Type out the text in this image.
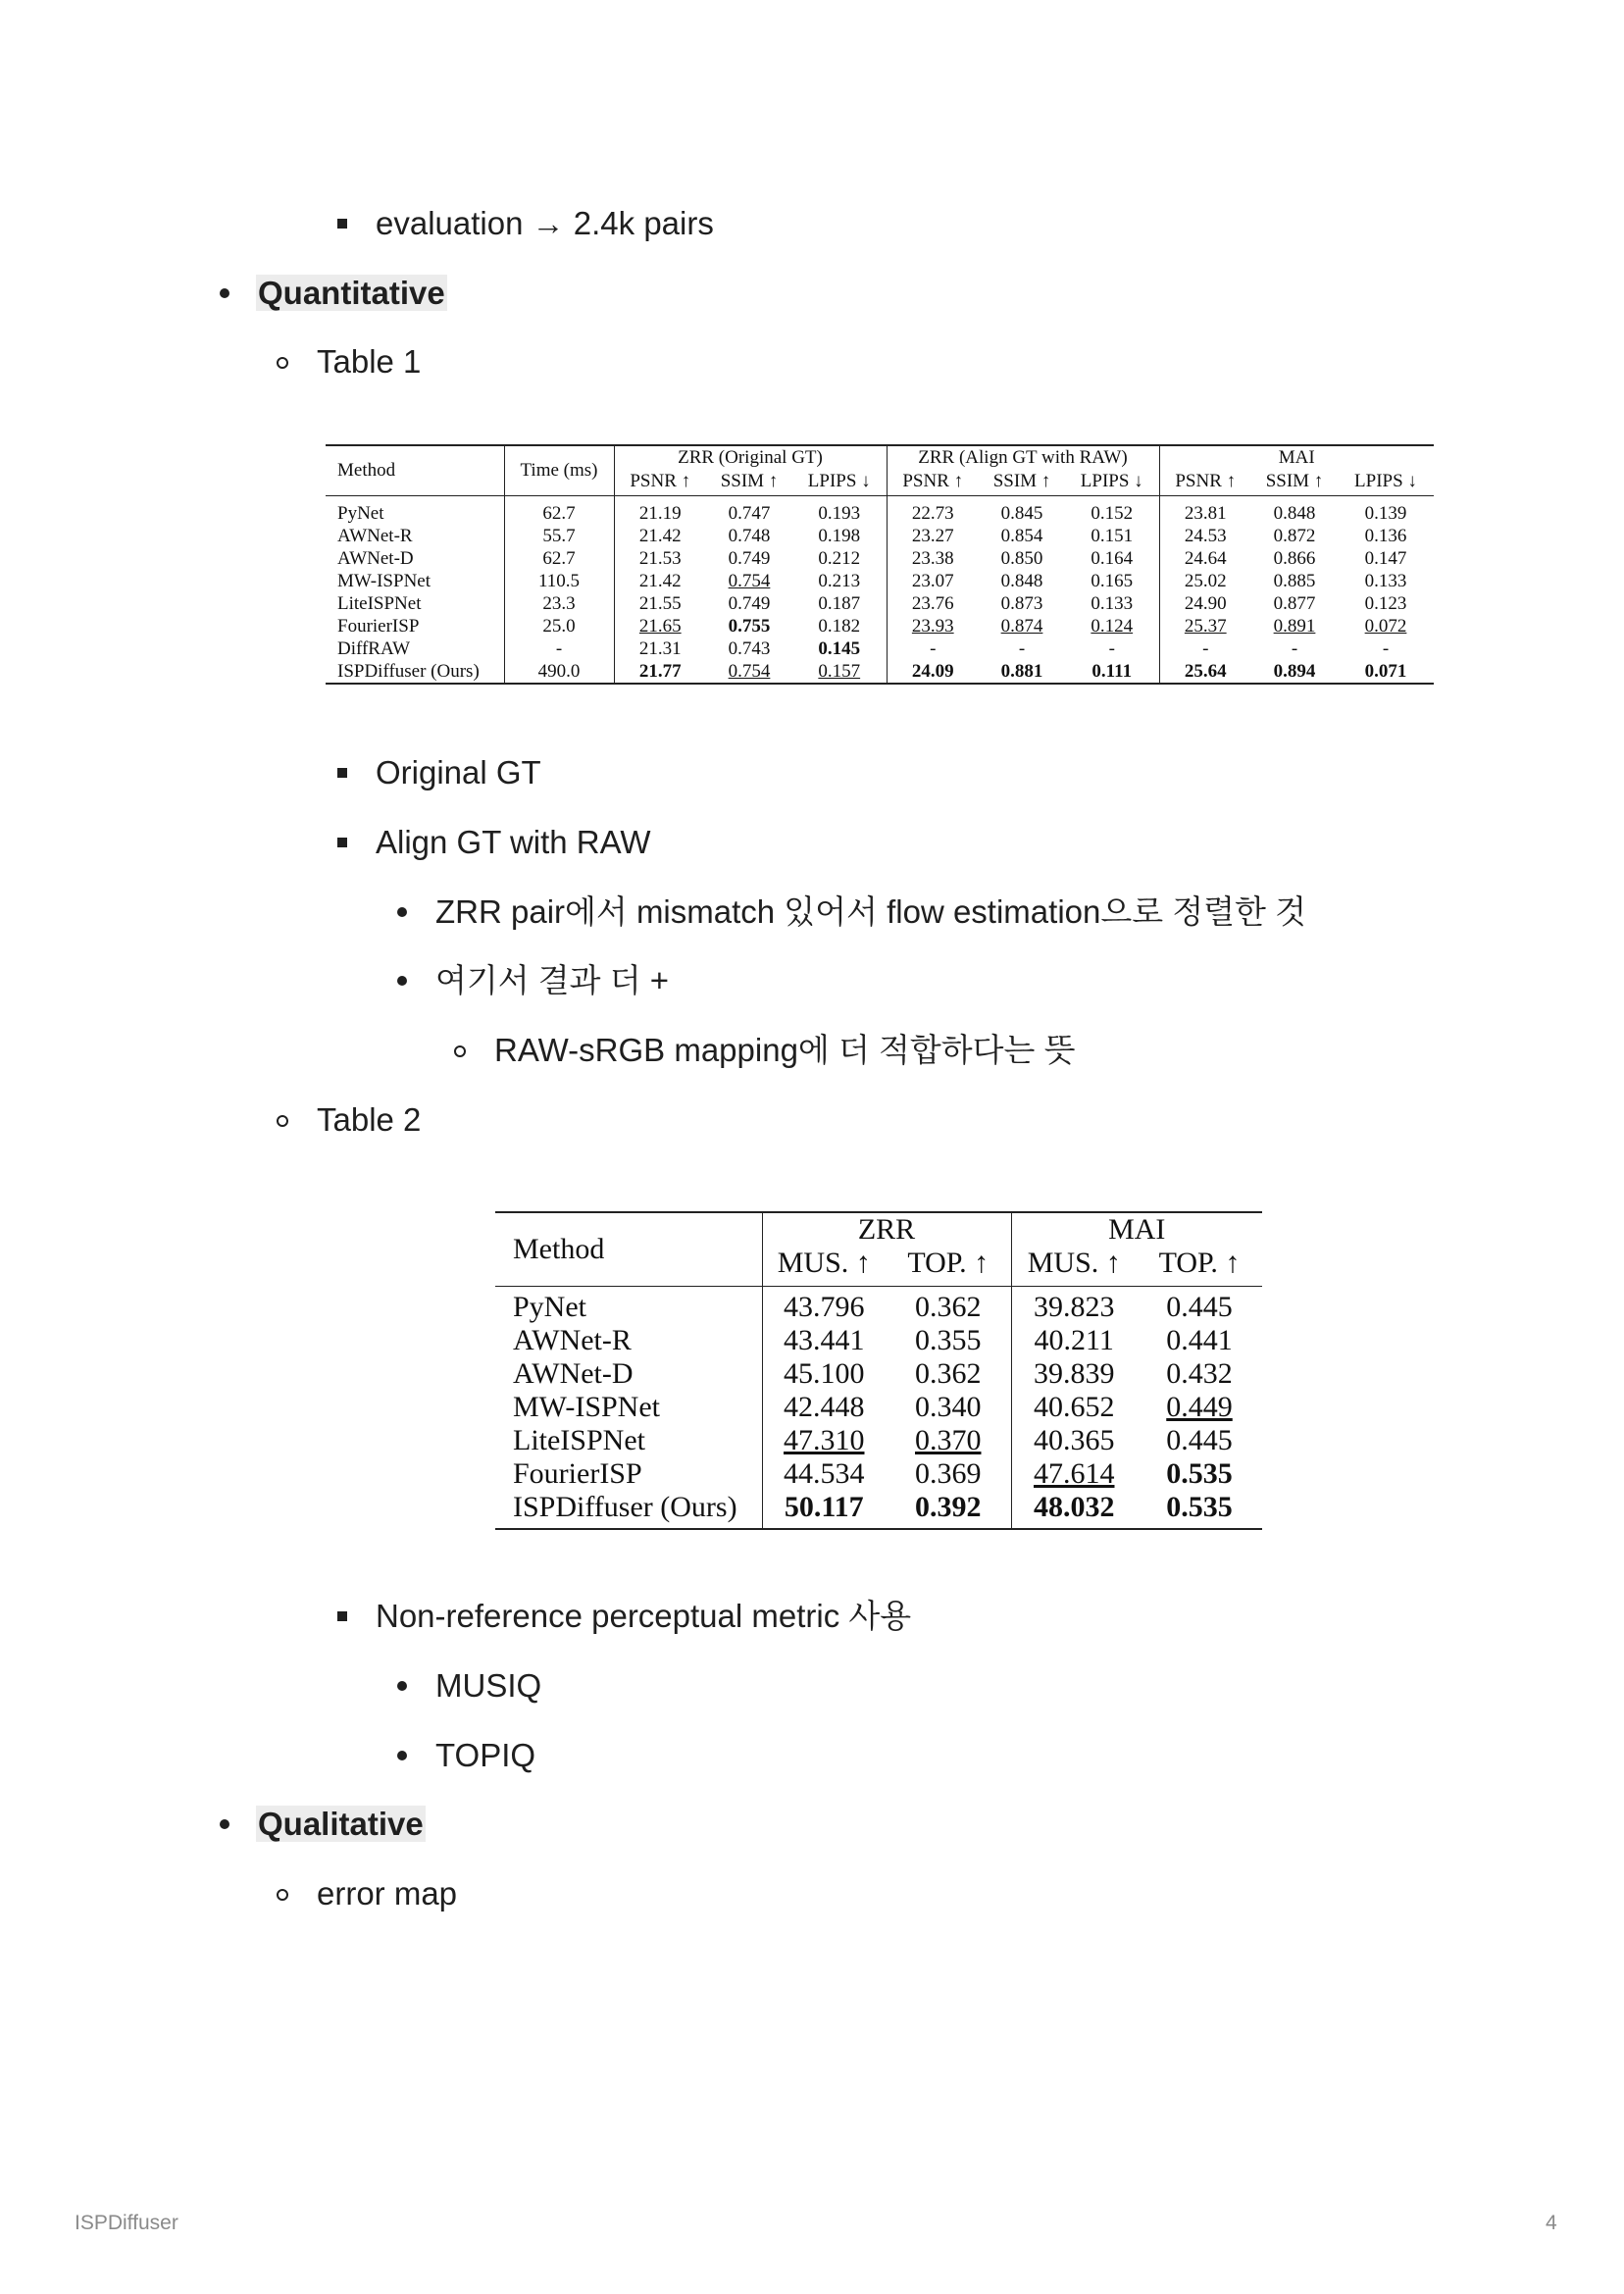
evaluation → 2.4k pairs
Quantitative
Table 1
Method	Time (ms)	ZRR (Original GT)			ZRR (Align GT with RAW)			MAI		
		PSNR ↑	SSIM ↑	LPIPS ↓	PSNR ↑	SSIM ↑	LPIPS ↓	PSNR ↑	SSIM ↑	LPIPS ↓
PyNet	62.7	21.19	0.747	0.193	22.73	0.845	0.152	23.81	0.848	0.139
AWNet-R	55.7	21.42	0.748	0.198	23.27	0.854	0.151	24.53	0.872	0.136
AWNet-D	62.7	21.53	0.749	0.212	23.38	0.850	0.164	24.64	0.866	0.147
MW-ISPNet	110.5	21.42	0.754	0.213	23.07	0.848	0.165	25.02	0.885	0.133
LiteISPNet	23.3	21.55	0.749	0.187	23.76	0.873	0.133	24.90	0.877	0.123
FourierISP	25.0	21.65	0.755	0.182	23.93	0.874	0.124	25.37	0.891	0.072
DiffRAW	-	21.31	0.743	0.145	-	-	-	-	-	-
ISPDiffuser (Ours)	490.0	21.77	0.754	0.157	24.09	0.881	0.111	25.64	0.894	0.071
Original GT
Align GT with RAW
ZRR pair에서 mismatch 있어서 flow estimation으로 정렬한 것
여기서 결과 더 +
RAW-sRGB mapping에 더 적합하다는 뜻
Table 2
Method	ZRR		MAI	
	MUS. ↑	TOP. ↑	MUS. ↑	TOP. ↑
PyNet	43.796	0.362	39.823	0.445
AWNet-R	43.441	0.355	40.211	0.441
AWNet-D	45.100	0.362	39.839	0.432
MW-ISPNet	42.448	0.340	40.652	0.449
LiteISPNet	47.310	0.370	40.365	0.445
FourierISP	44.534	0.369	47.614	0.535
ISPDiffuser (Ours)	50.117	0.392	48.032	0.535
Non-reference perceptual metric 사용
MUSIQ
TOPIQ
Qualitative
error map
ISPDiffuser	4
